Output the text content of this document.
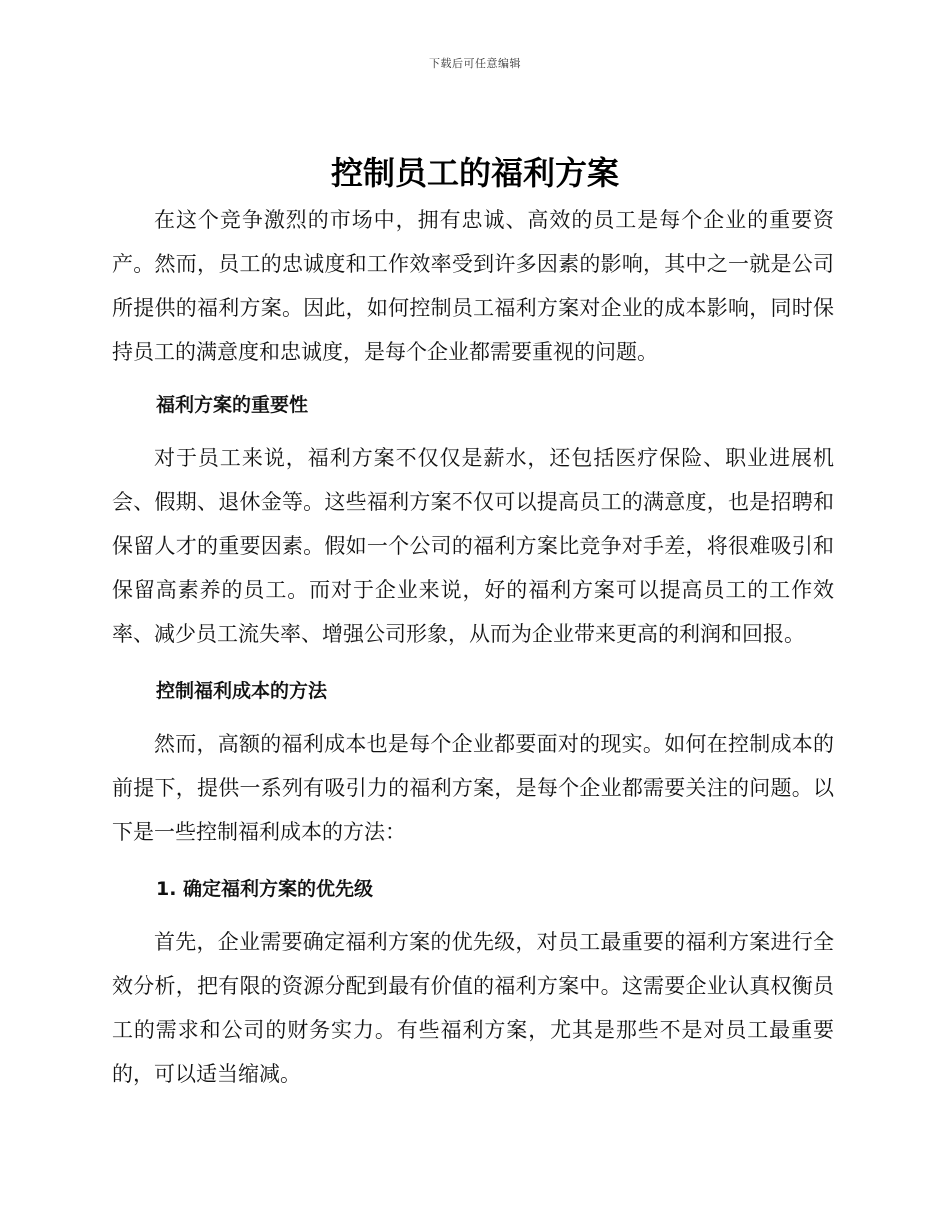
下载后可任意编辑
控制员工的福利方案

在这个竞争激烈的市场中，拥有忠诚、高效的员工是每个企业的重要资产。然而，员工的忠诚度和工作效率受到许多因素的影响，其中之一就是公司所提供的福利方案。因此，如何控制员工福利方案对企业的成本影响，同时保持员工的满意度和忠诚度，是每个企业都需要重视的问题。

福利方案的重要性

对于员工来说，福利方案不仅仅是薪水，还包括医疗保险、职业进展机会、假期、退休金等。这些福利方案不仅可以提高员工的满意度，也是招聘和保留人才的重要因素。假如一个公司的福利方案比竞争对手差，将很难吸引和保留高素养的员工。而对于企业来说，好的福利方案可以提高员工的工作效率、减少员工流失率、增强公司形象，从而为企业带来更高的利润和回报。

控制福利成本的方法

然而，高额的福利成本也是每个企业都要面对的现实。如何在控制成本的前提下，提供一系列有吸引力的福利方案，是每个企业都需要关注的问题。以下是一些控制福利成本的方法：

1. 确定福利方案的优先级

首先，企业需要确定福利方案的优先级，对员工最重要的福利方案进行全效分析，把有限的资源分配到最有价值的福利方案中。这需要企业认真权衡员工的需求和公司的财务实力。有些福利方案，尤其是那些不是对员工最重要的，可以适当缩减。
